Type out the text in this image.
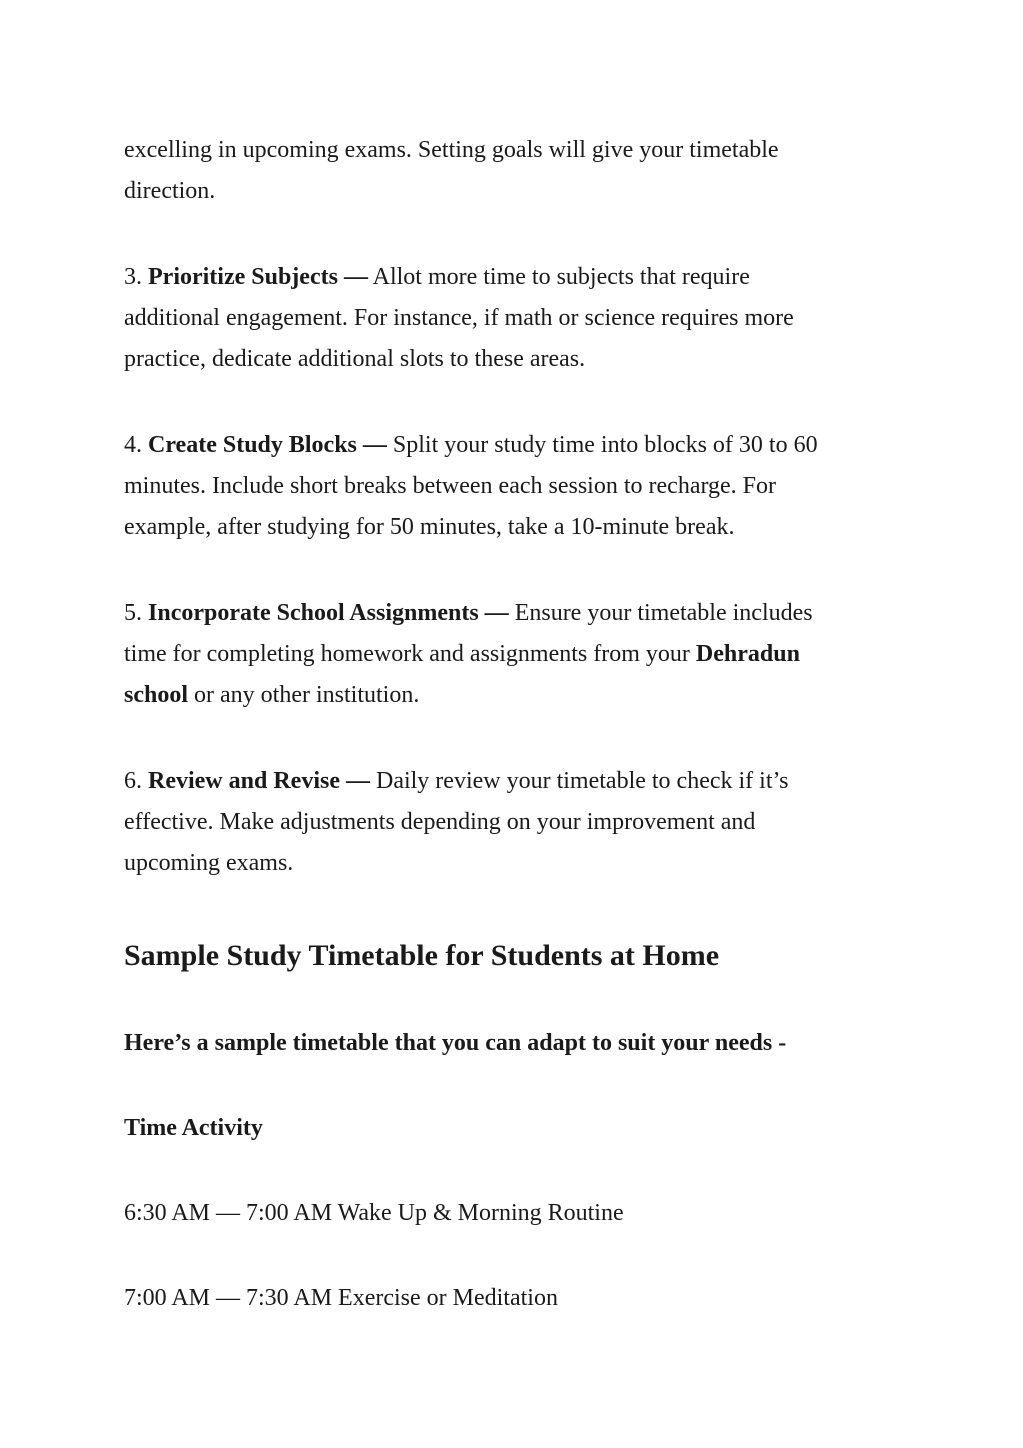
excelling in upcoming exams. Setting goals will give your timetable
direction.

3. Prioritize Subjects — Allot more time to subjects that require
additional engagement. For instance, if math or science requires more
practice, dedicate additional slots to these areas.

4. Create Study Blocks — Split your study time into blocks of 30 to 60
minutes. Include short breaks between each session to recharge. For
example, after studying for 50 minutes, take a 10-minute break.

5. Incorporate School Assignments — Ensure your timetable includes
time for completing homework and assignments from your Dehradun
school or any other institution.

6. Review and Revise — Daily review your timetable to check if it’s
effective. Make adjustments depending on your improvement and
upcoming exams.

Sample Study Timetable for Students at Home

Here’s a sample timetable that you can adapt to suit your needs -

Time Activity

6:30 AM — 7:00 AM Wake Up & Morning Routine

7:00 AM — 7:30 AM Exercise or Meditation
